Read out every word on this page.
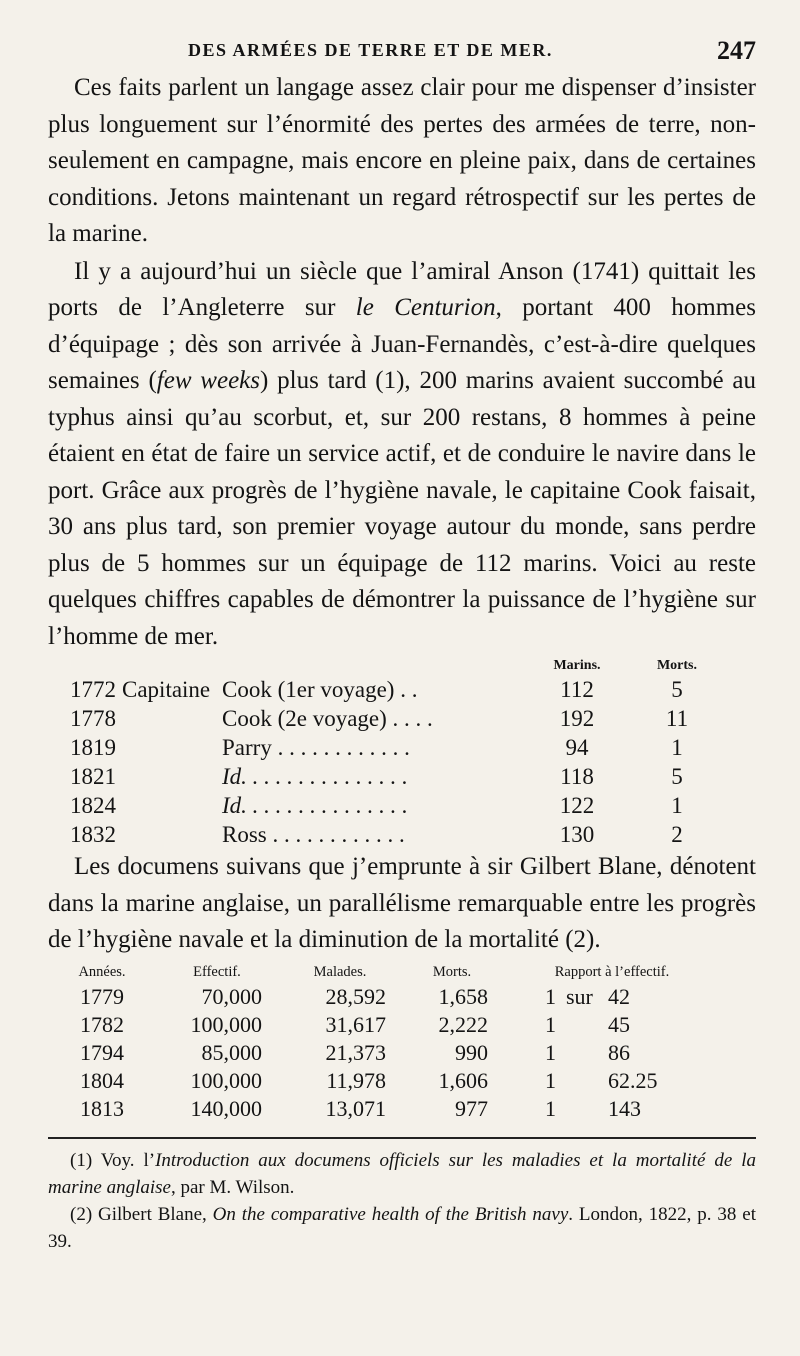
DES ARMÉES DE TERRE ET DE MER.	247

Ces faits parlent un langage assez clair pour me dispenser d’insister plus longuement sur l’énormité des pertes des armées de terre, non-seulement en campagne, mais encore en pleine paix, dans de certaines conditions. Jetons maintenant un regard rétrospectif sur les pertes de la marine.

Il y a aujourd’hui un siècle que l’amiral Anson (1741) quittait les ports de l’Angleterre sur le Centurion, portant 400 hommes d’équipage ; dès son arrivée à Juan-Fernandès, c’est-à-dire quelques semaines (few weeks) plus tard (1), 200 marins avaient succombé au typhus ainsi qu’au scorbut, et, sur 200 restans, 8 hommes à peine étaient en état de faire un service actif, et de conduire le navire dans le port. Grâce aux progrès de l’hygiène navale, le capitaine Cook faisait, 30 ans plus tard, son premier voyage autour du monde, sans perdre plus de 5 hommes sur un équipage de 112 marins. Voici au reste quelques chiffres capables de démontrer la puissance de l’hygiène sur l’homme de mer.

			Marins.	Morts.
1772	Capitaine	Cook (1er voyage) . .	112	5
1778		Cook (2e voyage) . . . .	192	11
1819		Parry . . . . . . . . . . . .	94	1
1821		Id. . . . . . . . . . . . . . .	118	5
1824		Id. . . . . . . . . . . . . . .	122	1
1832		Ross . . . . . . . . . . . .	130	2

Les documens suivans que j’emprunte à sir Gilbert Blane, dénotent dans la marine anglaise, un parallélisme remarquable entre les progrès de l’hygiène navale et la diminution de la mortalité (2).

Années.	Effectif.	Malades.	Morts.	Rapport à l’effectif.		
1779	70,000	28,592	1,658	1	sur	42
1782	100,000	31,617	2,222	1		45
1794	85,000	21,373	990	1		86
1804	100,000	11,978	1,606	1		62.25
1813	140,000	13,071	977	1		143

(1) Voy. l’Introduction aux documens officiels sur les maladies et la mortalité de la marine anglaise, par M. Wilson.

(2) Gilbert Blane, On the comparative health of the British navy. London, 1822, p. 38 et 39.
